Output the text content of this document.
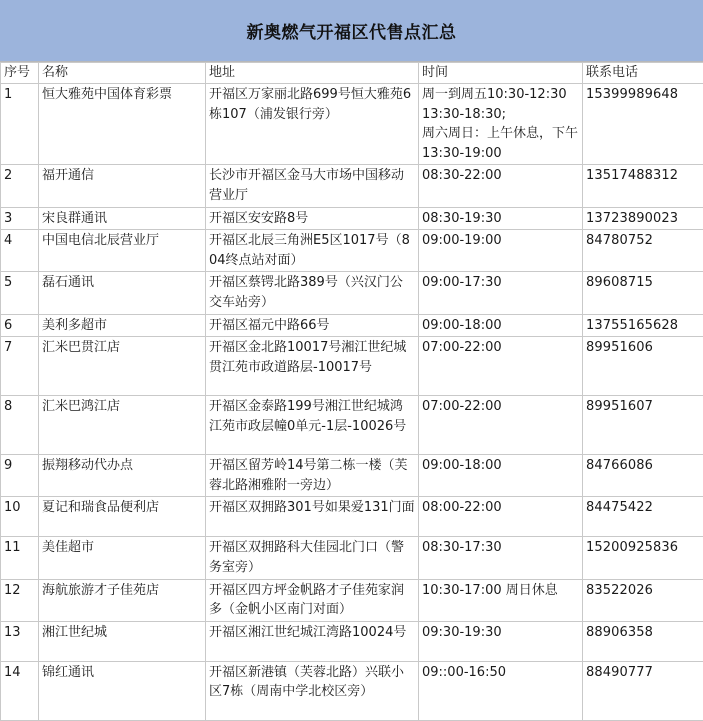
新奥燃气开福区代售点汇总
序号	名称	地址	时间	联系电话
1	恒大雅苑中国体育彩票	开福区万家丽北路699号恒大雅苑6栋107（浦发银行旁）	周一到周五10:30-12:30 13:30-18:30;
周六周日：上午休息，下午13:30-19:00	15399989648
2	福开通信	长沙市开福区金马大市场中国移动营业厅	08:30-22:00	13517488312
3	宋良群通讯	开福区安安路8号	08:30-19:30	13723890023
4	中国电信北辰营业厅	开福区北辰三角洲E5区1017号（804终点站对面）	09:00-19:00	84780752
5	磊石通讯	开福区蔡锷北路389号（兴汉门公交车站旁）	09:00-17:30	89608715
6	美利多超市	开福区福元中路66号	09:00-18:00	13755165628
7	汇米巴贯江店	开福区金北路10017号湘江世纪城贯江苑市政道路层-10017号	07:00-22:00	89951606
8	汇米巴鸿江店	开福区金泰路199号湘江世纪城鸿江苑市政层幢0单元-1层-10026号	07:00-22:00	89951607
9	振翔移动代办点	开福区留芳岭14号第二栋一楼（芙蓉北路湘雅附一旁边）	09:00-18:00	84766086
10	夏记和瑞食品便利店	开福区双拥路301号如果爱131门面	08:00-22:00	84475422
11	美佳超市	开福区双拥路科大佳园北门口（警务室旁）	08:30-17:30	15200925836
12	海航旅游才子佳苑店	开福区四方坪金帆路才子佳苑家润多（金帆小区南门对面）	10:30-17:00 周日休息	83522026
13	湘江世纪城	开福区湘江世纪城江湾路10024号	09:30-19:30	88906358
14	锦红通讯	开福区新港镇（芙蓉北路）兴联小区7栋（周南中学北校区旁）	09::00-16:50	88490777
